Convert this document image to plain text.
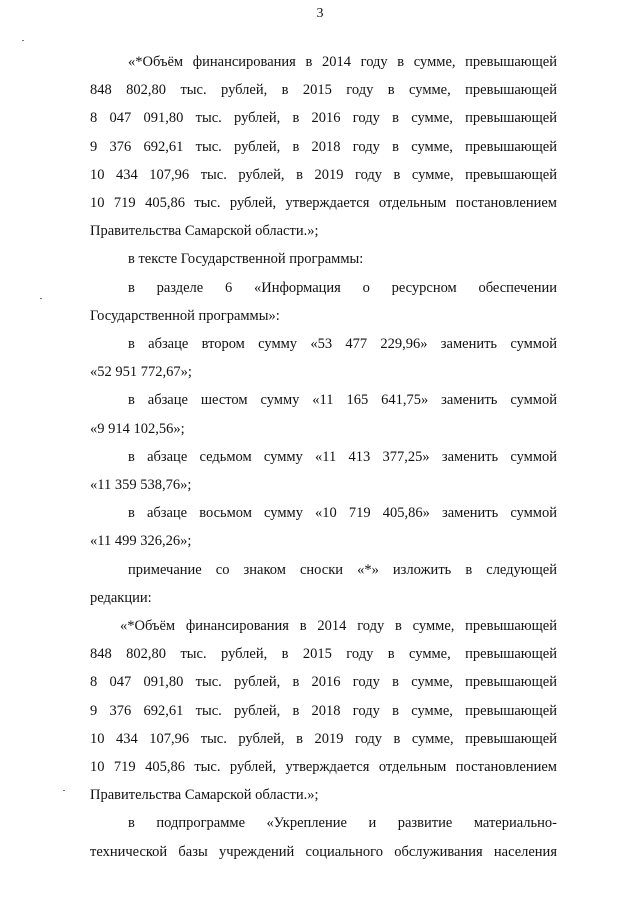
3

«*Объём финансирования в 2014 году в сумме, превышающей
848 802,80 тыс. рублей, в 2015 году в сумме, превышающей
8 047 091,80 тыс. рублей, в 2016 году в сумме, превышающей
9 376 692,61 тыс. рублей, в 2018 году в сумме, превышающей
10 434 107,96 тыс. рублей, в 2019 году в сумме, превышающей
10 719 405,86 тыс. рублей, утверждается отдельным постановлением
Правительства Самарской области.»;

в тексте Государственной программы:

в разделе 6 «Информация о ресурсном обеспечении
Государственной программы»:

в абзаце втором сумму «53 477 229,96» заменить суммой
«52 951 772,67»;

в абзаце шестом сумму «11 165 641,75» заменить суммой
«9 914 102,56»;

в абзаце седьмом сумму «11 413 377,25» заменить суммой
«11 359 538,76»;

в абзаце восьмом сумму «10 719 405,86» заменить суммой
«11 499 326,26»;

примечание со знаком сноски «*» изложить в следующей
редакции:

«*Объём финансирования в 2014 году в сумме, превышающей
848 802,80 тыс. рублей, в 2015 году в сумме, превышающей
8 047 091,80 тыс. рублей, в 2016 году в сумме, превышающей
9 376 692,61 тыс. рублей, в 2018 году в сумме, превышающей
10 434 107,96 тыс. рублей, в 2019 году в сумме, превышающей
10 719 405,86 тыс. рублей, утверждается отдельным постановлением
Правительства Самарской области.»;

в подпрограмме «Укрепление и развитие материально-
технической базы учреждений социального обслуживания населения
